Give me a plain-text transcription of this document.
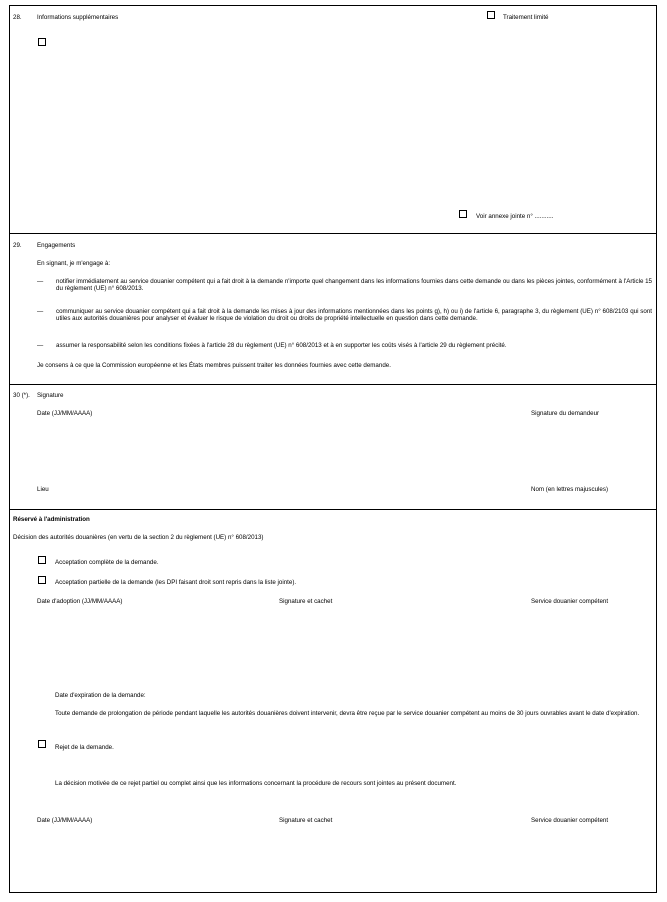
28. Informations supplémentaires	Traitement limité
Voir annexe jointe n° ...........
29. Engagements
En signant, je m'engage à:
— notifier immédiatement au service douanier compétent qui a fait droit à la demande n'importe quel changement dans les informations fournies dans cette demande ou dans les pièces jointes, conformément à l'Article 15 du règlement (UE) n° 608/2013.
— communiquer au service douanier compétent qui a fait droit à la demande les mises à jour des informations mentionnées dans les points g), h) ou i) de l'article 6, paragraphe 3, du règlement (UE) n° 608/2103 qui sont utiles aux autorités douanières pour analyser et évaluer le risque de violation du droit ou droits de propriété intellectuelle en question dans cette demande.
— assumer la responsabilité selon les conditions fixées à l'article 28 du règlement (UE) n° 608/2013 et à en supporter les coûts visés à l'article 29 du règlement précité.
Je consens à ce que la Commission européenne et les États membres puissent traiter les données fournies avec cette demande.
30 (*). Signature
Date (JJ/MM/AAAA)	Signature du demandeur
Lieu	Nom (en lettres majuscules)
Réservé à l'administration
Décision des autorités douanières (en vertu de la section 2 du règlement (UE) n° 608/2013)
Acceptation complète de la demande.
Acceptation partielle de la demande (les DPI faisant droit sont repris dans la liste jointe).
Date d'adoption (JJ/MM/AAAA)	Signature et cachet	Service douanier compétent
Date d'expiration de la demande:
Toute demande de prolongation de période pendant laquelle les autorités douanières doivent intervenir, devra être reçue par le service douanier compétent au moins de 30 jours ouvrables avant le date d'expiration.
Rejet de la demande.
La décision motivée de ce rejet partiel ou complet ainsi que les informations concernant la procédure de recours sont jointes au présent document.
Date (JJ/MM/AAAA)	Signature et cachet	Service douanier compétent
